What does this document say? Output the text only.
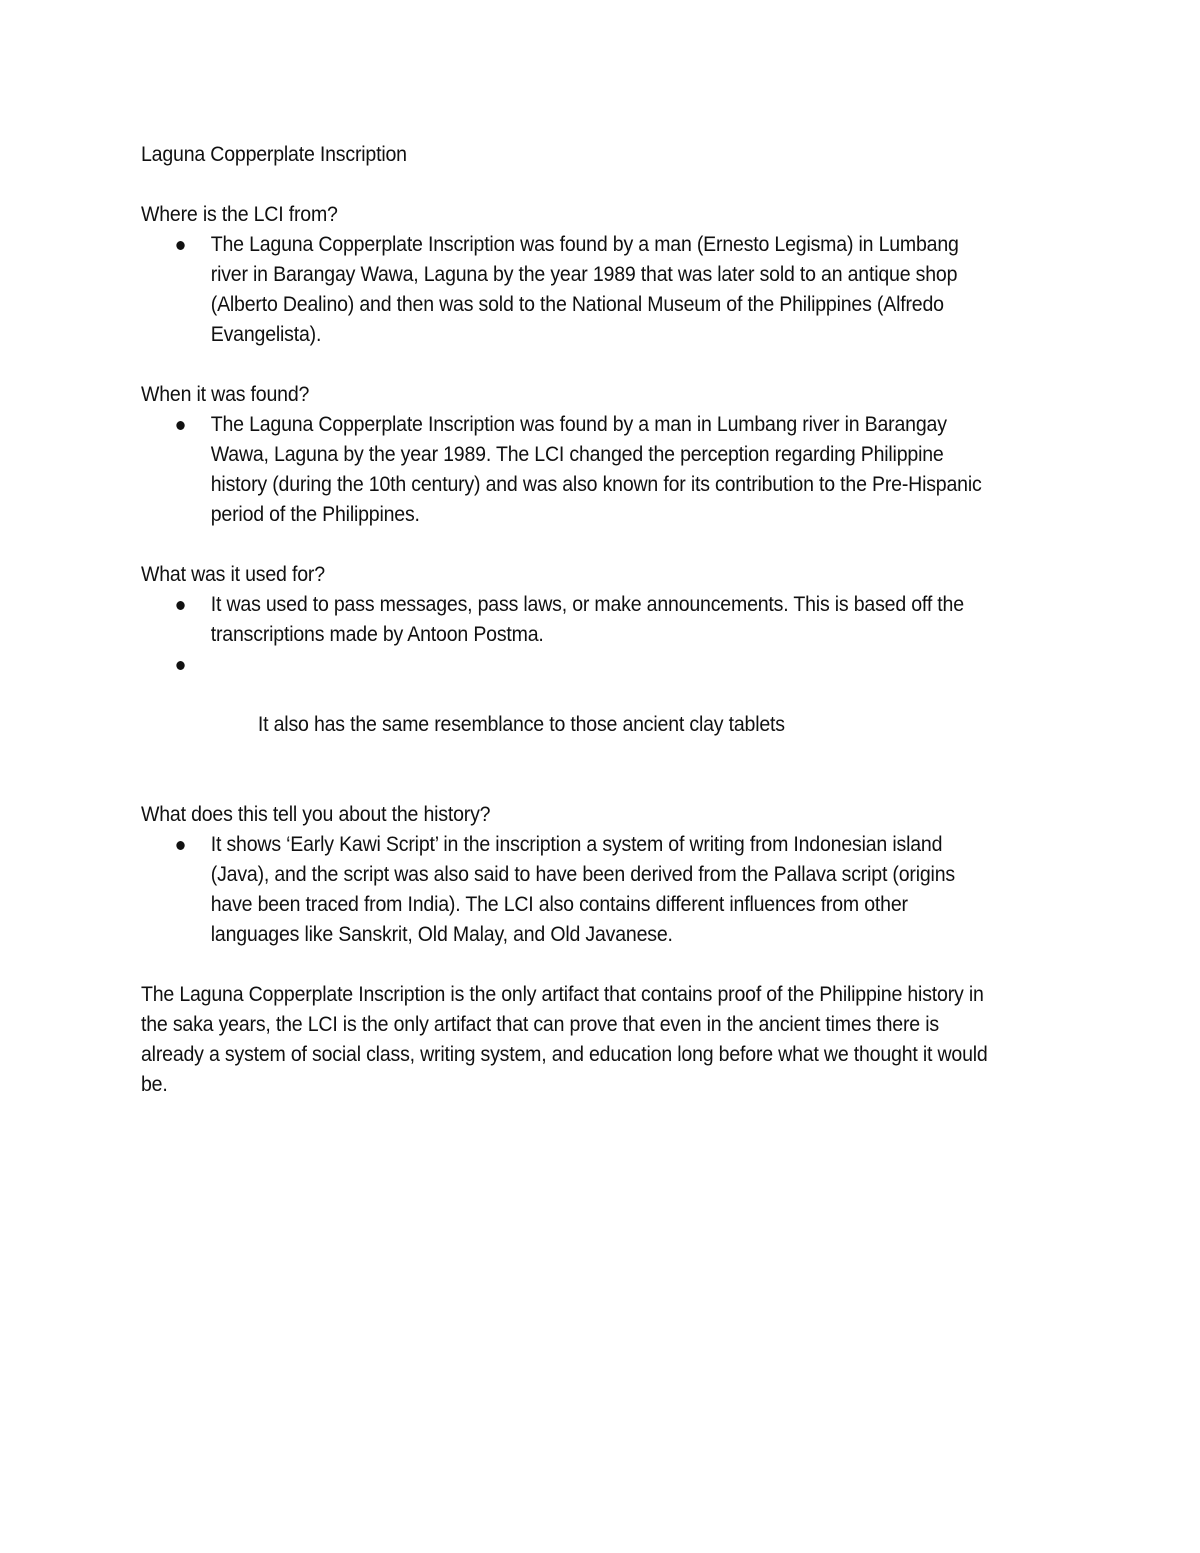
Laguna Copperplate Inscription

Where is the LCI from?

The Laguna Copperplate Inscription was found by a man (Ernesto Legisma) in Lumbang river in Barangay Wawa, Laguna by the year 1989 that was later sold to an antique shop (Alberto Dealino) and then was sold to the National Museum of the Philippines (Alfredo Evangelista).

When it was found?

The Laguna Copperplate Inscription was found by a man in Lumbang river in Barangay Wawa, Laguna by the year 1989. The LCI changed the perception regarding Philippine history (during the 10th century) and was also known for its contribution to the Pre-Hispanic period of the Philippines.

What was it used for?

It was used to pass messages, pass laws, or make announcements. This is based off the transcriptions made by Antoon Postma.

It also has the same resemblance to those ancient clay tablets

What does this tell you about the history?

It shows ‘Early Kawi Script’ in the inscription a system of writing from Indonesian island (Java), and the script was also said to have been derived from the Pallava script (origins have been traced from India). The LCI also contains different influences from other languages like Sanskrit, Old Malay, and Old Javanese.

The Laguna Copperplate Inscription is the only artifact that contains proof of the Philippine history in the saka years, the LCI is the only artifact that can prove that even in the ancient times there is already a system of social class, writing system, and education long before what we thought it would be.
